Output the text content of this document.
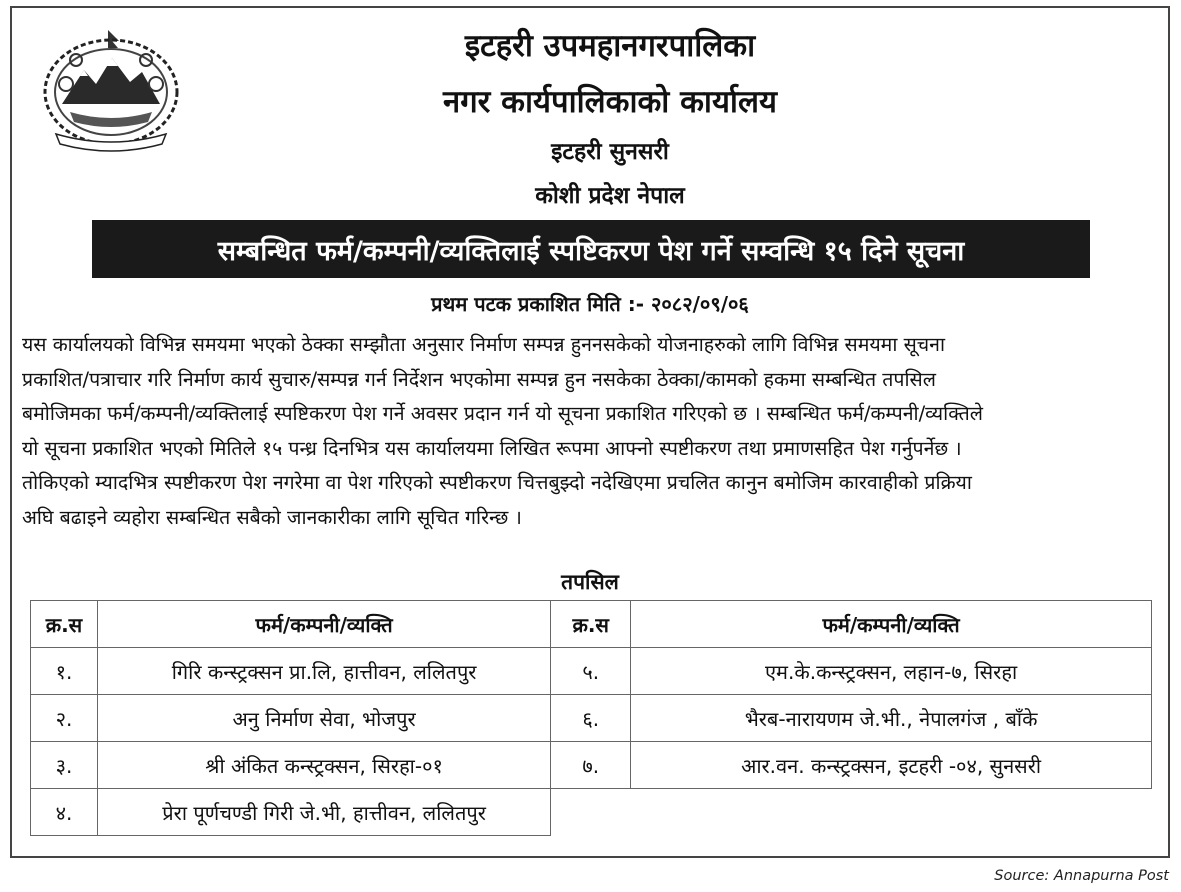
इटहरी उपमहानगरपालिका
नगर कार्यपालिकाको कार्यालय
इटहरी सुनसरी
कोशी प्रदेश नेपाल
सम्बन्धित फर्म/कम्पनी/व्यक्तिलाई स्पष्टिकरण पेश गर्ने सम्वन्धि १५ दिने सूचना
प्रथम पटक प्रकाशित मिति :- २०८२/०९/०६
यस कार्यालयको विभिन्न समयमा भएको ठेक्का सम्झौता अनुसार निर्माण सम्पन्न हुननसकेको योजनाहरुको लागि विभिन्न समयमा सूचना
प्रकाशित/पत्राचार गरि निर्माण कार्य सुचारु/सम्पन्न गर्न निर्देशन भएकोमा सम्पन्न हुन नसकेका ठेक्का/कामको हकमा सम्बन्धित तपसिल
बमोजिमका फर्म/कम्पनी/व्यक्तिलाई स्पष्टिकरण पेश गर्ने अवसर प्रदान गर्न यो सूचना प्रकाशित गरिएको छ । सम्बन्धित फर्म/कम्पनी/व्यक्तिले
यो सूचना प्रकाशित भएको मितिले १५ पन्ध्र दिनभित्र यस कार्यालयमा लिखित रूपमा आफ्नो स्पष्टीकरण तथा प्रमाणसहित पेश गर्नुपर्नेछ ।
तोकिएको म्यादभित्र स्पष्टीकरण पेश नगरेमा वा पेश गरिएको स्पष्टीकरण चित्तबुझ्दो नदेखिएमा प्रचलित कानुन बमोजिम कारवाहीको प्रक्रिया
अघि बढाइने व्यहोरा सम्बन्धित सबैको जानकारीका लागि सूचित गरिन्छ ।
तपसिल
क्र.स	फर्म/कम्पनी/व्यक्ति	क्र.स	फर्म/कम्पनी/व्यक्ति
१.	गिरि कन्स्ट्रक्सन प्रा.लि, हात्तीवन, ललितपुर	५.	एम.के.कन्स्ट्रक्सन, लहान-७, सिरहा
२.	अनु निर्माण सेवा, भोजपुर	६.	भैरब-नारायणम जे.भी., नेपालगंज , बाँके
३.	श्री अंकित कन्स्ट्रक्सन, सिरहा-०१	७.	आर.वन. कन्स्ट्रक्सन, इटहरी -०४, सुनसरी
४.	प्रेरा पूर्णचण्डी गिरी जे.भी, हात्तीवन, ललितपुर		
Source: Annapurna Post
